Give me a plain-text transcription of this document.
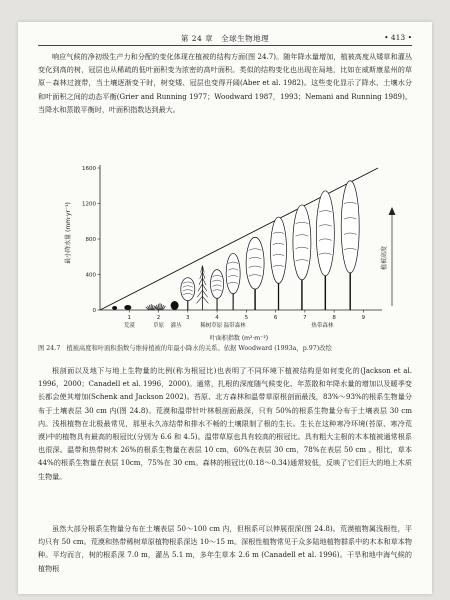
第 24 章　全球生物地理	• 413 •

响应气候的净初级生产力和分配的变化体现在植被的结构方面(图 24.7)。随年降水量增加，植被高度从矮草和灌丛变化到高的树，冠层也从稀疏的低叶面积变为浓密的高叶面积。类似的结构变化也出现在局地，比如在威斯康星州的草原－森林过渡带，当土壤逐渐变干时，树变矮、冠层也变得开阔(Aber et al. 1982)。这些变化显示了降水、土壤水分和叶面积之间的动态平衡(Grier and Running 1977；Woodward 1987，1993；Nemani and Running 1989)。当降水和蒸散平衡时，叶面积指数达到最大。

0
400
800
1200
1600
1	2	3	4	5	6	7	8	9
荒漠	草原 灌丛	稀树草原 温带森林	热带森林
最小降水量 (mm·yr⁻¹)
叶面积指数 (m²·m⁻²)
植被高度
图 24.7 植被高度和叶面积指数与维持植被的年最小降水的关系。依据 Woodward (1993a，p.97)改绘

根剖面以及地下与地上生物量的比例(称为根冠比)也表明了不同环境下植被结构是如何变化的(Jackson et al. 1996，2000；Canadell et al. 1996，2000)。通常，扎根的深度随气候变化、年蒸散和年降水量的增加以及暖季变长都会使其增加(Schenk and Jackson 2002)。苔原、北方森林和温带草原根剖面最浅，83%～93%的根系生物量分布于土壤表层 30 cm 内(图 24.8)。荒漠和温带针叶林根剖面最深，只有 50%的根系生物量分布于土壤表层 30 cm 内。浅根植物在北极最常见，那里永久冻结带和排水不畅的土壤限制了根的生长。生长在这种寒冷环境(苔原、寒冷荒漠)中的植物具有最高的根冠比(分别为 6.6 和 4.5)。温带草原也具有较高的根冠比。具有粗大主根的木本植被通常根系也很深。温带和热带树木 26%的根系生物量在表层 10 cm，60%在表层 30 cm，78%在表层 50 cm 。相比，草本 44%的根系生物量在表层 10cm，75%在 30 cm。森林的根冠比(0.18～0.34)通常较低，反映了它们巨大的地上木质生物量。

虽然大部分根系生物量分布在土壤表层 50～100 cm 内，但根系可以伸展很深(图 24.8)。荒漠植物属浅根性，平均只有 50 cm。荒漠和热带稀树草原植物根系深达 10～15 m。深根性植物常见于众多陆地植物群系中的木本和草本物种。平均而言，树的根系深 7.0 m，灌丛 5.1 m，多年生草本 2.6 m (Canadell et al. 1996)。干旱和地中海气候的植物根
